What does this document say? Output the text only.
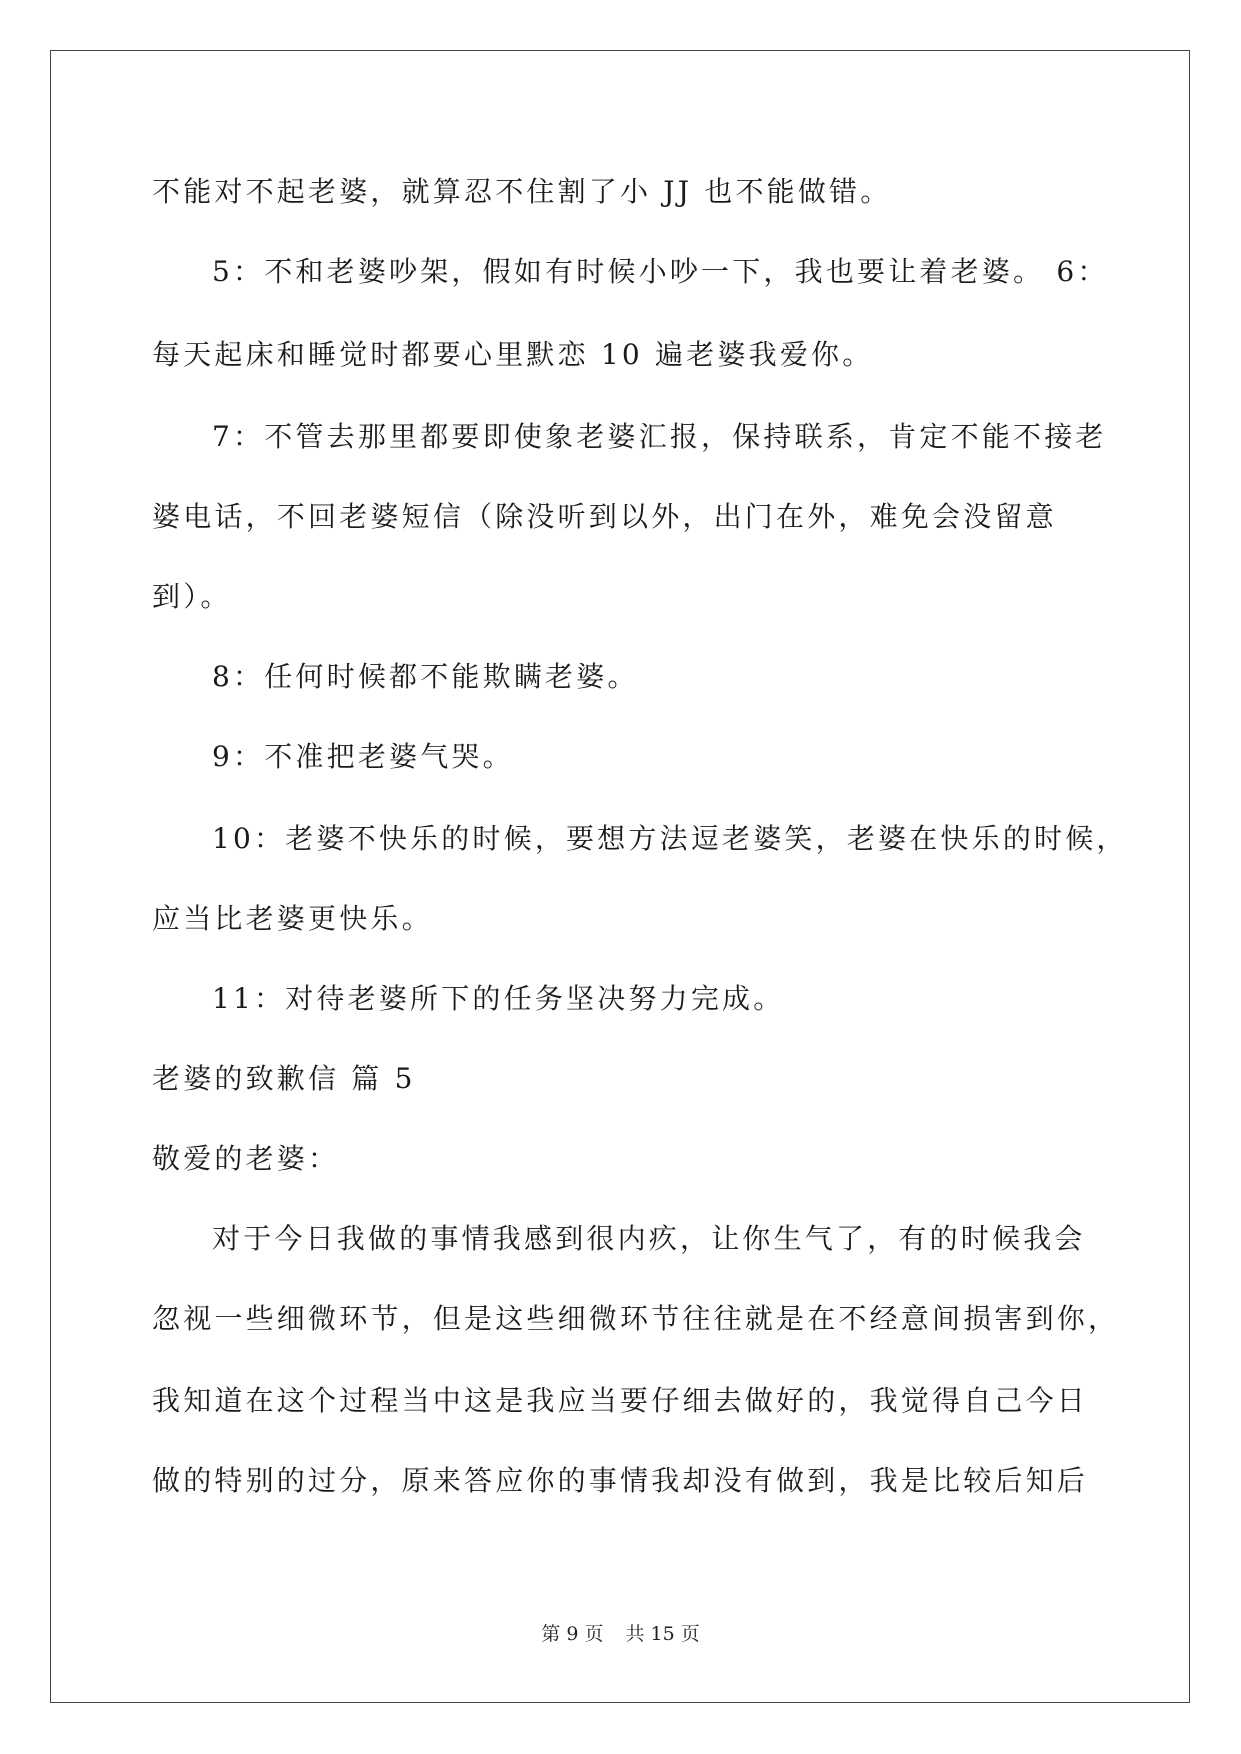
不能对不起老婆，就算忍不住割了小 JJ 也不能做错。
5：不和老婆吵架，假如有时候小吵一下，我也要让着老婆。 6：
每天起床和睡觉时都要心里默恋 10 遍老婆我爱你。
7：不管去那里都要即使象老婆汇报，保持联系，肯定不能不接老
婆电话，不回老婆短信（除没听到以外，出门在外，难免会没留意
到）。
8：任何时候都不能欺瞒老婆。
9：不准把老婆气哭。
10：老婆不快乐的时候，要想方法逗老婆笑，老婆在快乐的时候，
应当比老婆更快乐。
11：对待老婆所下的任务坚决努力完成。
老婆的致歉信 篇 5
敬爱的老婆：
对于今日我做的事情我感到很内疚，让你生气了，有的时候我会
忽视一些细微环节，但是这些细微环节往往就是在不经意间损害到你，
我知道在这个过程当中这是我应当要仔细去做好的，我觉得自己今日
做的特别的过分，原来答应你的事情我却没有做到，我是比较后知后
第 9 页 共 15 页
